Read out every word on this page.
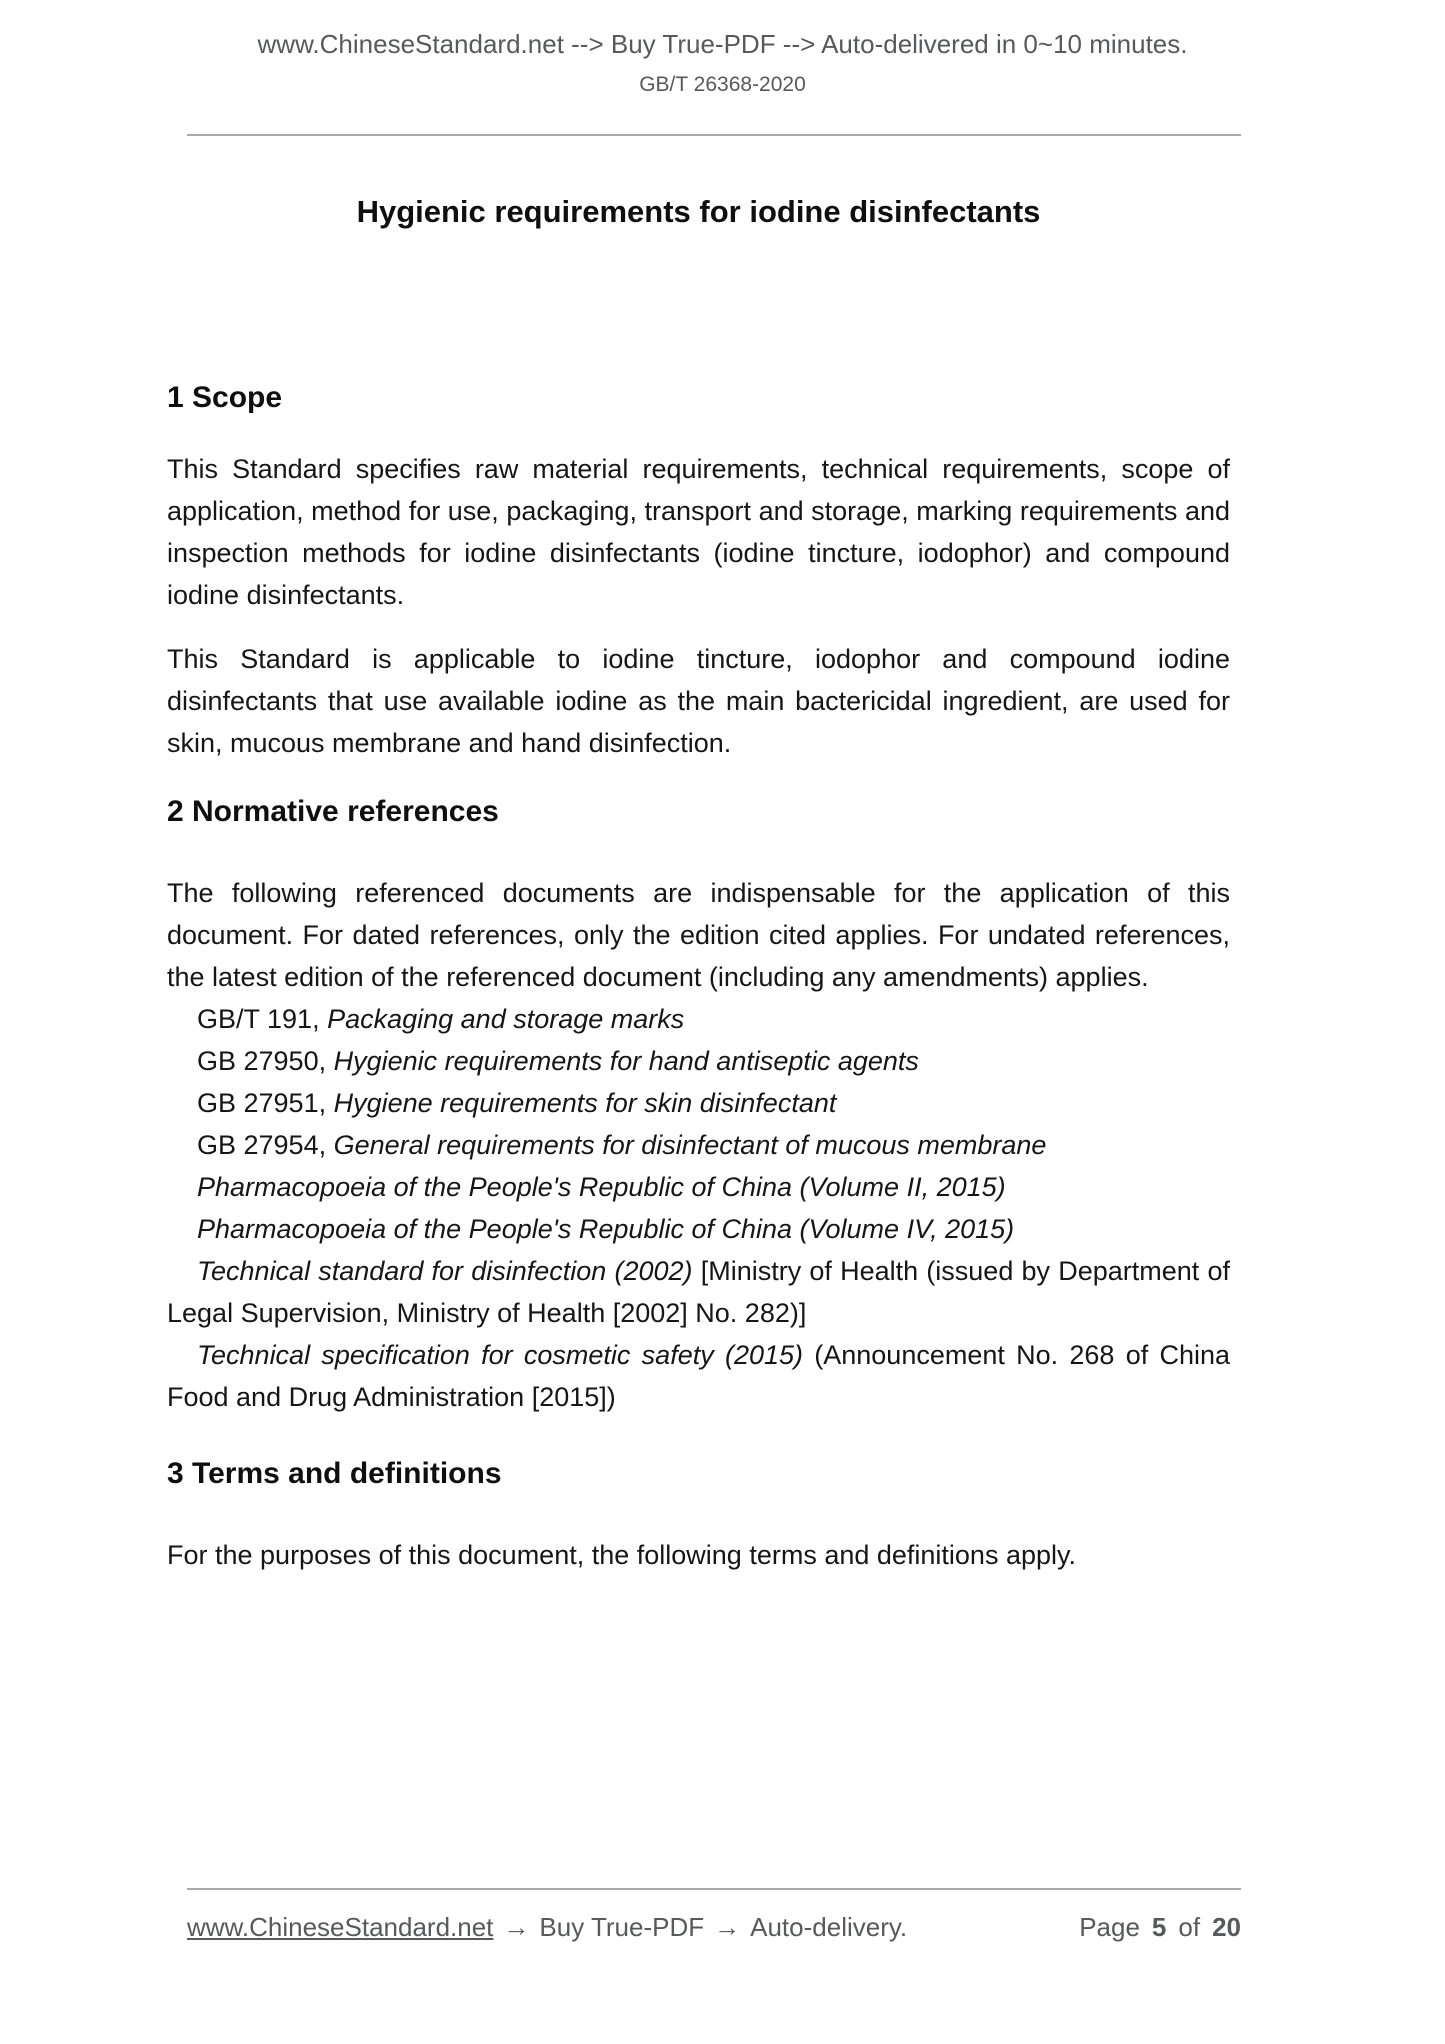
www.ChineseStandard.net --> Buy True-PDF --> Auto-delivered in 0~10 minutes.
GB/T 26368-2020
Hygienic requirements for iodine disinfectants
1 Scope

This Standard specifies raw material requirements, technical requirements, scope of application, method for use, packaging, transport and storage, marking requirements and inspection methods for iodine disinfectants (iodine tincture, iodophor) and compound iodine disinfectants.

This Standard is applicable to iodine tincture, iodophor and compound iodine disinfectants that use available iodine as the main bactericidal ingredient, are used for skin, mucous membrane and hand disinfection.

2 Normative references

The following referenced documents are indispensable for the application of this document. For dated references, only the edition cited applies. For undated references, the latest edition of the referenced document (including any amendments) applies.

GB/T 191, Packaging and storage marks

GB 27950, Hygienic requirements for hand antiseptic agents

GB 27951, Hygiene requirements for skin disinfectant

GB 27954, General requirements for disinfectant of mucous membrane

Pharmacopoeia of the People's Republic of China (Volume II, 2015)

Pharmacopoeia of the People's Republic of China (Volume IV, 2015)

Technical standard for disinfection (2002) [Ministry of Health (issued by Department of Legal Supervision, Ministry of Health [2002] No. 282)]

Technical specification for cosmetic safety (2015) (Announcement No. 268 of China Food and Drug Administration [2015])

3 Terms and definitions

For the purposes of this document, the following terms and definitions apply.

www.ChineseStandard.net → Buy True-PDF → Auto-delivery.	Page 5 of 20
